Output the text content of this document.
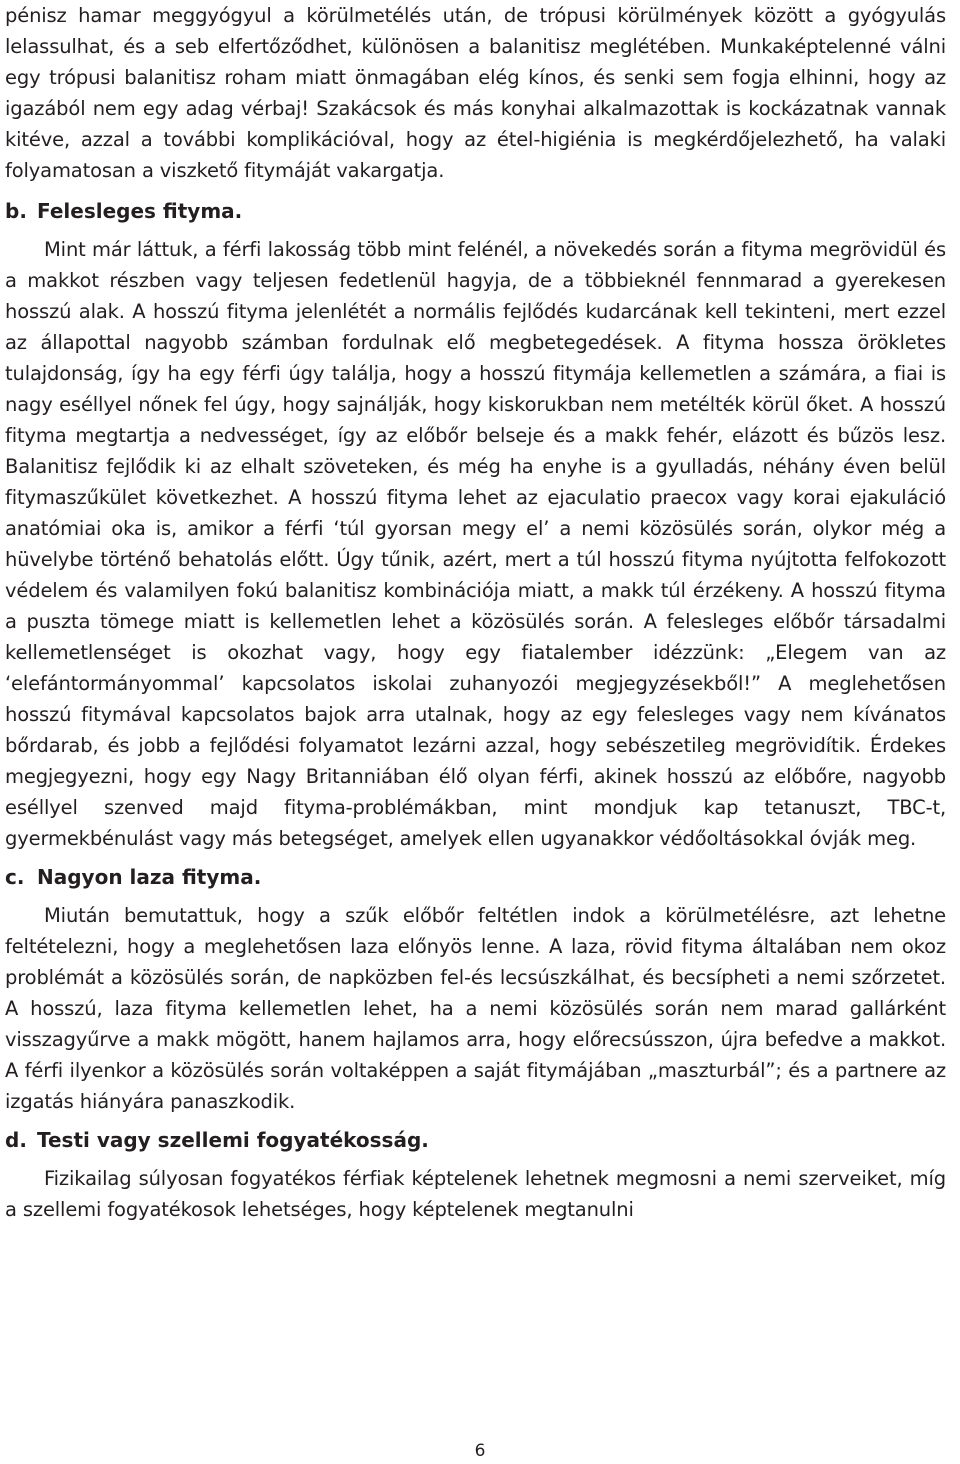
pénisz hamar meggyógyul a körülmetélés után, de trópusi körülmények között a gyógyulás lelassulhat, és a seb elfertőződhet, különösen a balanitisz meglétében. Munkaképtelenné válni egy trópusi balanitisz roham miatt önmagában elég kínos, és senki sem fogja elhinni, hogy az igazából nem egy adag vérbaj! Szakácsok és más konyhai alkalmazottak is kockázatnak vannak kitéve, azzal a további komplikációval, hogy az étel-higiénia is megkérdőjelezhető, ha valaki folyamatosan a viszkető fitymáját vakargatja.

b. Felesleges fityma.

Mint már láttuk, a férfi lakosság több mint felénél, a növekedés során a fityma megrövidül és a makkot részben vagy teljesen fedetlenül hagyja, de a többieknél fennmarad a gyerekesen hosszú alak. A hosszú fityma jelenlétét a normális fejlődés kudarcának kell tekinteni, mert ezzel az állapottal nagyobb számban fordulnak elő megbetegedések. A fityma hossza örökletes tulajdonság, így ha egy férfi úgy találja, hogy a hosszú fitymája kellemetlen a számára, a fiai is nagy eséllyel nőnek fel úgy, hogy sajnálják, hogy kiskorukban nem metélték körül őket. A hosszú fityma megtartja a nedvességet, így az előbőr belseje és a makk fehér, elázott és bűzös lesz. Balanitisz fejlődik ki az elhalt szöveteken, és még ha enyhe is a gyulladás, néhány éven belül fitymaszűkület következhet. A hosszú fityma lehet az ejaculatio praecox vagy korai ejakuláció anatómiai oka is, amikor a férfi ‘túl gyorsan megy el’ a nemi közösülés során, olykor még a hüvelybe történő behatolás előtt. Úgy tűnik, azért, mert a túl hosszú fityma nyújtotta felfokozott védelem és valamilyen fokú balanitisz kombinációja miatt, a makk túl érzékeny. A hosszú fityma a puszta tömege miatt is kellemetlen lehet a közösülés során. A felesleges előbőr társadalmi kellemetlenséget is okozhat vagy, hogy egy fiatalember idézzünk: „Elegem van az ‘elefántormányommal’ kapcsolatos iskolai zuhanyozói megjegyzésekből!” A meglehetősen hosszú fitymával kapcsolatos bajok arra utalnak, hogy az egy felesleges vagy nem kívánatos bőrdarab, és jobb a fejlődési folyamatot lezárni azzal, hogy sebészetileg megrövidítik. Érdekes megjegyezni, hogy egy Nagy Britanniában élő olyan férfi, akinek hosszú az előbőre, nagyobb eséllyel szenved majd fityma-problémákban, mint mondjuk kap tetanuszt, TBC-t, gyermekbénulást vagy más betegséget, amelyek ellen ugyanakkor védőoltásokkal óvják meg.

c. Nagyon laza fityma.

Miután bemutattuk, hogy a szűk előbőr feltétlen indok a körülmetélésre, azt lehetne feltételezni, hogy a meglehetősen laza előnyös lenne. A laza, rövid fityma általában nem okoz problémát a közösülés során, de napközben fel-és lecsúszkálhat, és becsípheti a nemi szőrzetet. A hosszú, laza fityma kellemetlen lehet, ha a nemi közösülés során nem marad gallárként visszagyűrve a makk mögött, hanem hajlamos arra, hogy előrecsússzon, újra befedve a makkot. A férfi ilyenkor a közösülés során voltaképpen a saját fitymájában „maszturbál”; és a partnere az izgatás hiányára panaszkodik.

d. Testi vagy szellemi fogyatékosság.

Fizikailag súlyosan fogyatékos férfiak képtelenek lehetnek megmosni a nemi szerveiket, míg a szellemi fogyatékosok lehetséges, hogy képtelenek megtanulni

6
